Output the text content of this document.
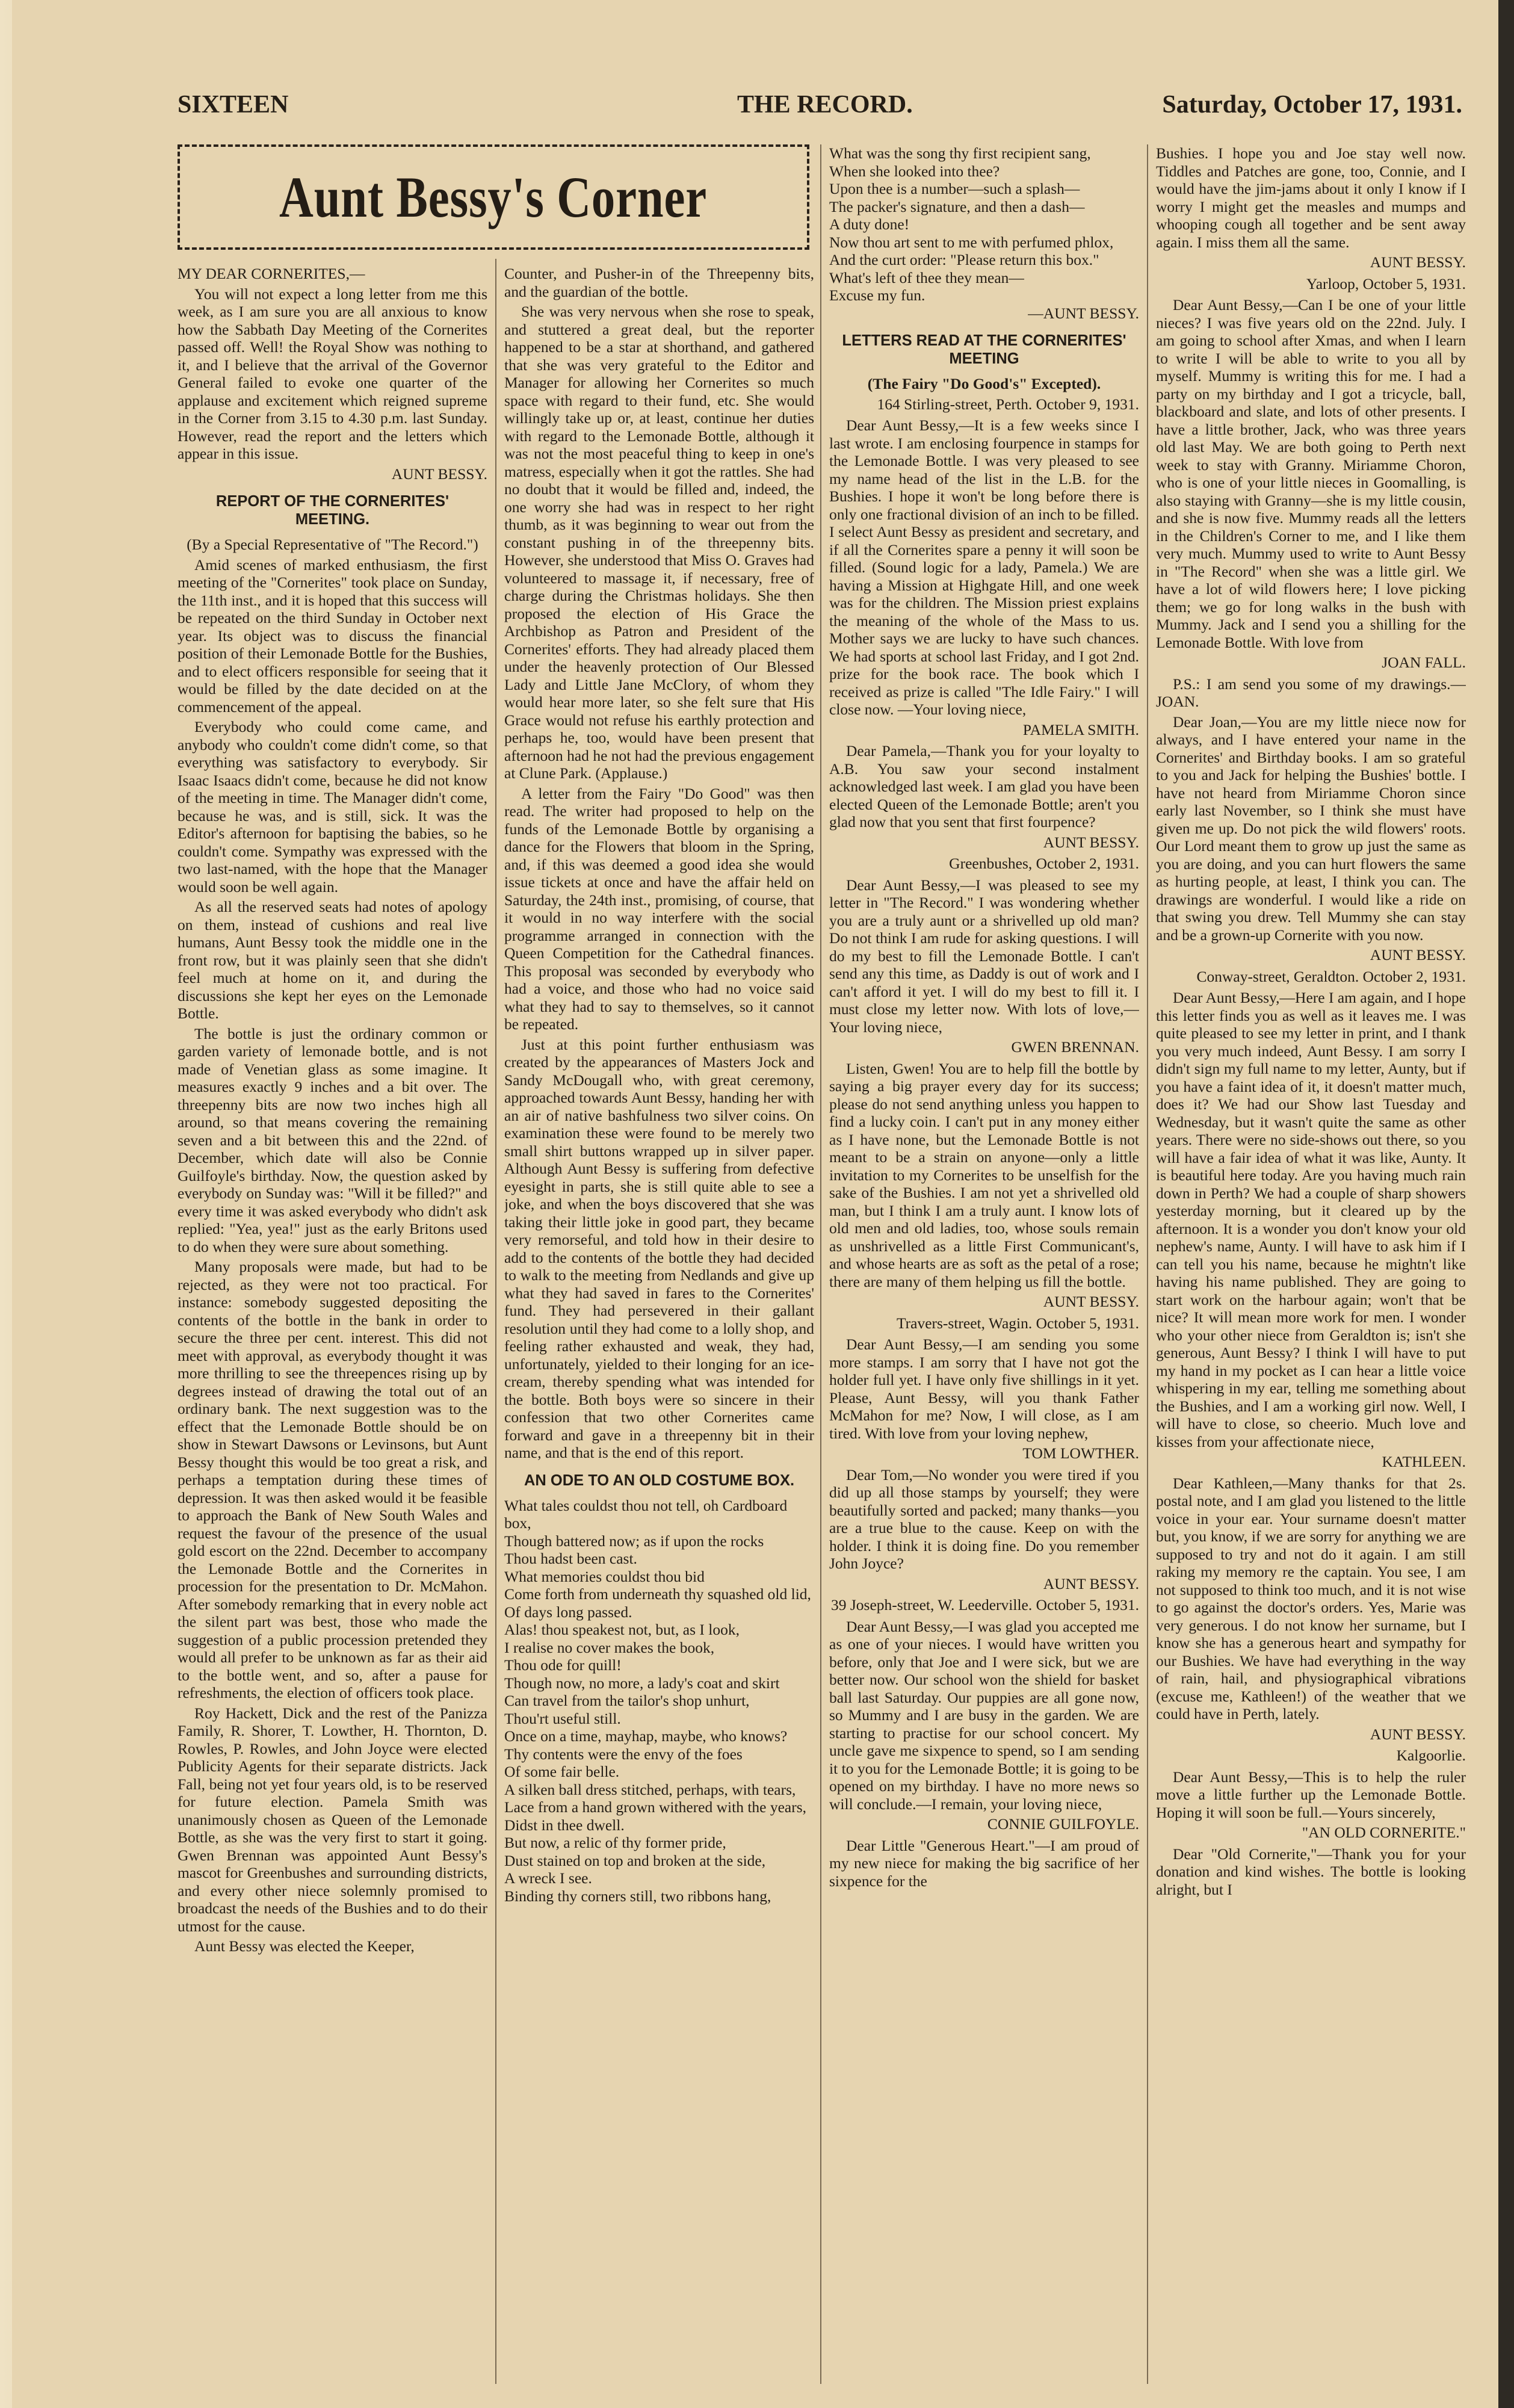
SIXTEEN	THE RECORD.	Saturday, October 17, 1931.
Aunt Bessy's Corner

MY DEAR CORNERITES,—

You will not expect a long letter from me this week, as I am sure you are all anxious to know how the Sabbath Day Meeting of the Cornerites passed off. Well! the Royal Show was nothing to it, and I believe that the arrival of the Governor General failed to evoke one quarter of the applause and excitement which reigned supreme in the Corner from 3.15 to 4.30 p.m. last Sunday. However, read the report and the letters which appear in this issue.

AUNT BESSY.

REPORT OF THE CORNERITES' MEETING.

(By a Special Representative of "The Record.")

Amid scenes of marked enthusiasm, the first meeting of the "Cornerites" took place on Sunday, the 11th inst., and it is hoped that this success will be repeated on the third Sunday in October next year. Its object was to discuss the financial position of their Lemonade Bottle for the Bushies, and to elect officers responsible for seeing that it would be filled by the date decided on at the commencement of the appeal.

Everybody who could come came, and anybody who couldn't come didn't come, so that everything was satisfactory to everybody. Sir Isaac Isaacs didn't come, because he did not know of the meeting in time. The Manager didn't come, because he was, and is still, sick. It was the Editor's afternoon for baptising the babies, so he couldn't come. Sympathy was expressed with the two last-named, with the hope that the Manager would soon be well again.

As all the reserved seats had notes of apology on them, instead of cushions and real live humans, Aunt Bessy took the middle one in the front row, but it was plainly seen that she didn't feel much at home on it, and during the discussions she kept her eyes on the Lemonade Bottle.

The bottle is just the ordinary common or garden variety of lemonade bottle, and is not made of Venetian glass as some imagine. It measures exactly 9 inches and a bit over. The threepenny bits are now two inches high all around, so that means covering the remaining seven and a bit between this and the 22nd. of December, which date will also be Connie Guilfoyle's birthday. Now, the question asked by everybody on Sunday was: "Will it be filled?" and every time it was asked everybody who didn't ask replied: "Yea, yea!" just as the early Britons used to do when they were sure about something.

Many proposals were made, but had to be rejected, as they were not too practical. For instance: somebody suggested depositing the contents of the bottle in the bank in order to secure the three per cent. interest. This did not meet with approval, as everybody thought it was more thrilling to see the threepences rising up by degrees instead of drawing the total out of an ordinary bank. The next suggestion was to the effect that the Lemonade Bottle should be on show in Stewart Dawsons or Levinsons, but Aunt Bessy thought this would be too great a risk, and perhaps a temptation during these times of depression. It was then asked would it be feasible to approach the Bank of New South Wales and request the favour of the presence of the usual gold escort on the 22nd. December to accompany the Lemonade Bottle and the Cornerites in procession for the presentation to Dr. McMahon. After somebody remarking that in every noble act the silent part was best, those who made the suggestion of a public procession pretended they would all prefer to be unknown as far as their aid to the bottle went, and so, after a pause for refreshments, the election of officers took place.

Roy Hackett, Dick and the rest of the Panizza Family, R. Shorer, T. Lowther, H. Thornton, D. Rowles, P. Rowles, and John Joyce were elected Publicity Agents for their separate districts. Jack Fall, being not yet four years old, is to be reserved for future election. Pamela Smith was unanimously chosen as Queen of the Lemonade Bottle, as she was the very first to start it going. Gwen Brennan was appointed Aunt Bessy's mascot for Greenbushes and surrounding districts, and every other niece solemnly promised to broadcast the needs of the Bushies and to do their utmost for the cause.

Aunt Bessy was elected the Keeper,

Counter, and Pusher-in of the Threepenny bits, and the guardian of the bottle.

She was very nervous when she rose to speak, and stuttered a great deal, but the reporter happened to be a star at shorthand, and gathered that she was very grateful to the Editor and Manager for allowing her Cornerites so much space with regard to their fund, etc. She would willingly take up or, at least, continue her duties with regard to the Lemonade Bottle, although it was not the most peaceful thing to keep in one's matress, especially when it got the rattles. She had no doubt that it would be filled and, indeed, the one worry she had was in respect to her right thumb, as it was beginning to wear out from the constant pushing in of the threepenny bits. However, she understood that Miss O. Graves had volunteered to massage it, if necessary, free of charge during the Christmas holidays. She then proposed the election of His Grace the Archbishop as Patron and President of the Cornerites' efforts. They had already placed them under the heavenly protection of Our Blessed Lady and Little Jane McClory, of whom they would hear more later, so she felt sure that His Grace would not refuse his earthly protection and perhaps he, too, would have been present that afternoon had he not had the previous engagement at Clune Park. (Applause.)

A letter from the Fairy "Do Good" was then read. The writer had proposed to help on the funds of the Lemonade Bottle by organising a dance for the Flowers that bloom in the Spring, and, if this was deemed a good idea she would issue tickets at once and have the affair held on Saturday, the 24th inst., promising, of course, that it would in no way interfere with the social programme arranged in connection with the Queen Competition for the Cathedral finances. This proposal was seconded by everybody who had a voice, and those who had no voice said what they had to say to themselves, so it cannot be repeated.

Just at this point further enthusiasm was created by the appearances of Masters Jock and Sandy McDougall who, with great ceremony, approached towards Aunt Bessy, handing her with an air of native bashfulness two silver coins. On examination these were found to be merely two small shirt buttons wrapped up in silver paper. Although Aunt Bessy is suffering from defective eyesight in parts, she is still quite able to see a joke, and when the boys discovered that she was taking their little joke in good part, they became very remorseful, and told how in their desire to add to the contents of the bottle they had decided to walk to the meeting from Nedlands and give up what they had saved in fares to the Cornerites' fund. They had persevered in their gallant resolution until they had come to a lolly shop, and feeling rather exhausted and weak, they had, unfortunately, yielded to their longing for an ice-cream, thereby spending what was intended for the bottle. Both boys were so sincere in their confession that two other Cornerites came forward and gave in a threepenny bit in their name, and that is the end of this report.

AN ODE TO AN OLD COSTUME BOX.

What tales couldst thou not tell, oh Cardboard box,

Though battered now; as if upon the rocks

Thou hadst been cast.

What memories couldst thou bid

Come forth from underneath thy squashed old lid,

Of days long passed.

Alas! thou speakest not, but, as I look,

I realise no cover makes the book,

Thou ode for quill!

Though now, no more, a lady's coat and skirt

Can travel from the tailor's shop unhurt,

Thou'rt useful still.

Once on a time, mayhap, maybe, who knows?

Thy contents were the envy of the foes

Of some fair belle.

A silken ball dress stitched, perhaps, with tears,

Lace from a hand grown withered with the years,

Didst in thee dwell.

But now, a relic of thy former pride,

Dust stained on top and broken at the side,

A wreck I see.

Binding thy corners still, two ribbons hang,

What was the song thy first recipient sang,

When she looked into thee?

Upon thee is a number—such a splash—

The packer's signature, and then a dash—

A duty done!

Now thou art sent to me with perfumed phlox,

And the curt order: "Please return this box."

What's left of thee they mean—

Excuse my fun.

—AUNT BESSY.

LETTERS READ AT THE CORNERITES' MEETING

(The Fairy "Do Good's" Excepted).

164 Stirling-street, Perth. October 9, 1931.

Dear Aunt Bessy,—It is a few weeks since I last wrote. I am enclosing fourpence in stamps for the Lemonade Bottle. I was very pleased to see my name head of the list in the L.B. for the Bushies. I hope it won't be long before there is only one fractional division of an inch to be filled. I select Aunt Bessy as president and secretary, and if all the Cornerites spare a penny it will soon be filled. (Sound logic for a lady, Pamela.) We are having a Mission at Highgate Hill, and one week was for the children. The Mission priest explains the meaning of the whole of the Mass to us. Mother says we are lucky to have such chances. We had sports at school last Friday, and I got 2nd. prize for the book race. The book which I received as prize is called "The Idle Fairy." I will close now. —Your loving niece,

PAMELA SMITH.

Dear Pamela,—Thank you for your loyalty to A.B. You saw your second instalment acknowledged last week. I am glad you have been elected Queen of the Lemonade Bottle; aren't you glad now that you sent that first fourpence?

AUNT BESSY.

Greenbushes, October 2, 1931.

Dear Aunt Bessy,—I was pleased to see my letter in "The Record." I was wondering whether you are a truly aunt or a shrivelled up old man? Do not think I am rude for asking questions. I will do my best to fill the Lemonade Bottle. I can't send any this time, as Daddy is out of work and I can't afford it yet. I will do my best to fill it. I must close my letter now. With lots of love,—Your loving niece,

GWEN BRENNAN.

Listen, Gwen! You are to help fill the bottle by saying a big prayer every day for its success; please do not send anything unless you happen to find a lucky coin. I can't put in any money either as I have none, but the Lemonade Bottle is not meant to be a strain on anyone—only a little invitation to my Cornerites to be unselfish for the sake of the Bushies. I am not yet a shrivelled old man, but I think I am a truly aunt. I know lots of old men and old ladies, too, whose souls remain as unshrivelled as a little First Communicant's, and whose hearts are as soft as the petal of a rose; there are many of them helping us fill the bottle.

AUNT BESSY.

Travers-street, Wagin. October 5, 1931.

Dear Aunt Bessy,—I am sending you some more stamps. I am sorry that I have not got the holder full yet. I have only five shillings in it yet. Please, Aunt Bessy, will you thank Father McMahon for me? Now, I will close, as I am tired. With love from your loving nephew,

TOM LOWTHER.

Dear Tom,—No wonder you were tired if you did up all those stamps by yourself; they were beautifully sorted and packed; many thanks—you are a true blue to the cause. Keep on with the holder. I think it is doing fine. Do you remember John Joyce?

AUNT BESSY.

39 Joseph-street, W. Leederville. October 5, 1931.

Dear Aunt Bessy,—I was glad you accepted me as one of your nieces. I would have written you before, only that Joe and I were sick, but we are better now. Our school won the shield for basket ball last Saturday. Our puppies are all gone now, so Mummy and I are busy in the garden. We are starting to practise for our school concert. My uncle gave me sixpence to spend, so I am sending it to you for the Lemonade Bottle; it is going to be opened on my birthday. I have no more news so will conclude.—I remain, your loving niece,

CONNIE GUILFOYLE.

Dear Little "Generous Heart."—I am proud of my new niece for making the big sacrifice of her sixpence for the

Bushies. I hope you and Joe stay well now. Tiddles and Patches are gone, too, Connie, and I would have the jim-jams about it only I know if I worry I might get the measles and mumps and whooping cough all together and be sent away again. I miss them all the same.

AUNT BESSY.

Yarloop, October 5, 1931.

Dear Aunt Bessy,—Can I be one of your little nieces? I was five years old on the 22nd. July. I am going to school after Xmas, and when I learn to write I will be able to write to you all by myself. Mummy is writing this for me. I had a party on my birthday and I got a tricycle, ball, blackboard and slate, and lots of other presents. I have a little brother, Jack, who was three years old last May. We are both going to Perth next week to stay with Granny. Miriamme Choron, who is one of your little nieces in Goomalling, is also staying with Granny—she is my little cousin, and she is now five. Mummy reads all the letters in the Children's Corner to me, and I like them very much. Mummy used to write to Aunt Bessy in "The Record" when she was a little girl. We have a lot of wild flowers here; I love picking them; we go for long walks in the bush with Mummy. Jack and I send you a shilling for the Lemonade Bottle. With love from

JOAN FALL.

P.S.: I am send you some of my drawings.—JOAN.

Dear Joan,—You are my little niece now for always, and I have entered your name in the Cornerites' and Birthday books. I am so grateful to you and Jack for helping the Bushies' bottle. I have not heard from Miriamme Choron since early last November, so I think she must have given me up. Do not pick the wild flowers' roots. Our Lord meant them to grow up just the same as you are doing, and you can hurt flowers the same as hurting people, at least, I think you can. The drawings are wonderful. I would like a ride on that swing you drew. Tell Mummy she can stay and be a grown-up Cornerite with you now.

AUNT BESSY.

Conway-street, Geraldton. October 2, 1931.

Dear Aunt Bessy,—Here I am again, and I hope this letter finds you as well as it leaves me. I was quite pleased to see my letter in print, and I thank you very much indeed, Aunt Bessy. I am sorry I didn't sign my full name to my letter, Aunty, but if you have a faint idea of it, it doesn't matter much, does it? We had our Show last Tuesday and Wednesday, but it wasn't quite the same as other years. There were no side-shows out there, so you will have a fair idea of what it was like, Aunty. It is beautiful here today. Are you having much rain down in Perth? We had a couple of sharp showers yesterday morning, but it cleared up by the afternoon. It is a wonder you don't know your old nephew's name, Aunty. I will have to ask him if I can tell you his name, because he mightn't like having his name published. They are going to start work on the harbour again; won't that be nice? It will mean more work for men. I wonder who your other niece from Geraldton is; isn't she generous, Aunt Bessy? I think I will have to put my hand in my pocket as I can hear a little voice whispering in my ear, telling me something about the Bushies, and I am a working girl now. Well, I will have to close, so cheerio. Much love and kisses from your affectionate niece,

KATHLEEN.

Dear Kathleen,—Many thanks for that 2s. postal note, and I am glad you listened to the little voice in your ear. Your surname doesn't matter but, you know, if we are sorry for anything we are supposed to try and not do it again. I am still raking my memory re the captain. You see, I am not supposed to think too much, and it is not wise to go against the doctor's orders. Yes, Marie was very generous. I do not know her surname, but I know she has a generous heart and sympathy for our Bushies. We have had everything in the way of rain, hail, and physiographical vibrations (excuse me, Kathleen!) of the weather that we could have in Perth, lately.

AUNT BESSY.

Kalgoorlie.

Dear Aunt Bessy,—This is to help the ruler move a little further up the Lemonade Bottle. Hoping it will soon be full.—Yours sincerely,

"AN OLD CORNERITE."

Dear "Old Cornerite,"—Thank you for your donation and kind wishes. The bottle is looking alright, but I
